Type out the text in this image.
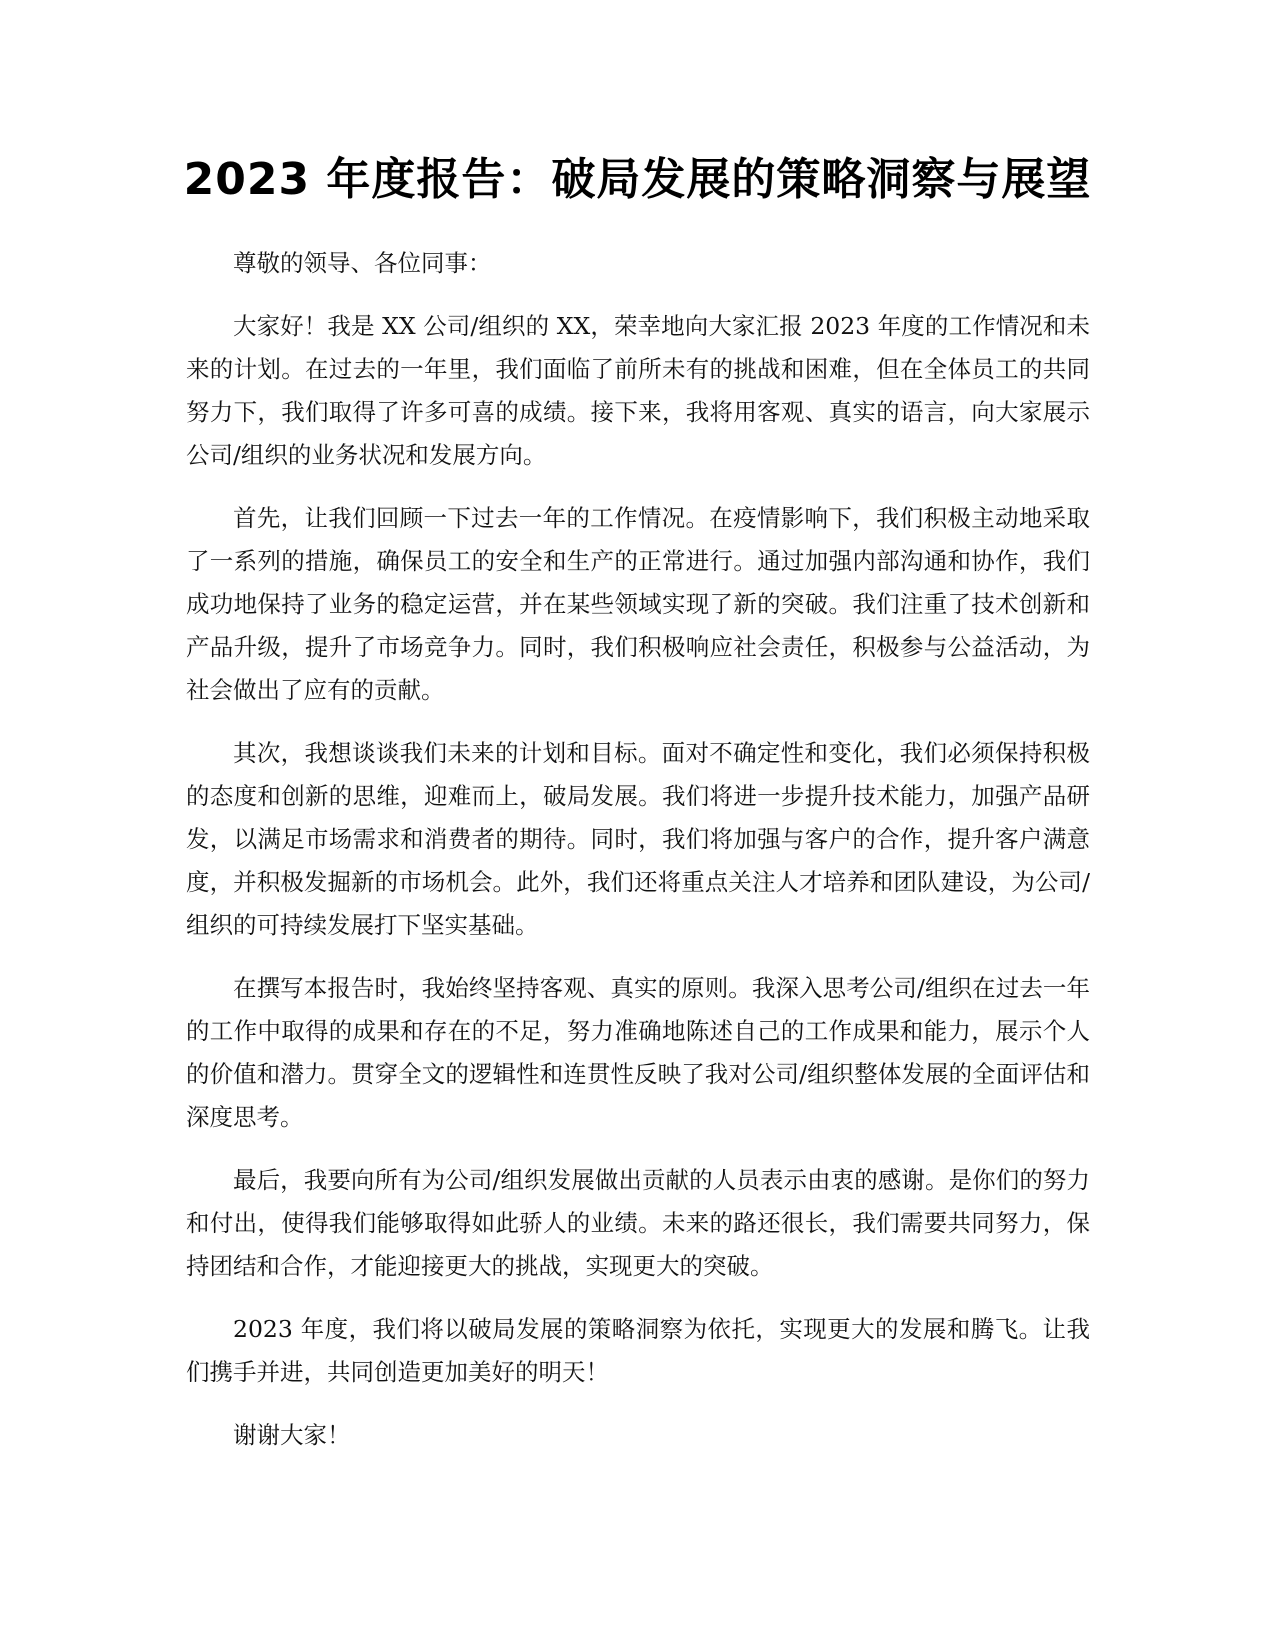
2023 年度报告：破局发展的策略洞察与展望

尊敬的领导、各位同事：

大家好！我是 XX 公司/组织的 XX，荣幸地向大家汇报 2023 年度的工作情况和未来的计划。在过去的一年里，我们面临了前所未有的挑战和困难，但在全体员工的共同努力下，我们取得了许多可喜的成绩。接下来，我将用客观、真实的语言，向大家展示公司/组织的业务状况和发展方向。

首先，让我们回顾一下过去一年的工作情况。在疫情影响下，我们积极主动地采取了一系列的措施，确保员工的安全和生产的正常进行。通过加强内部沟通和协作，我们成功地保持了业务的稳定运营，并在某些领域实现了新的突破。我们注重了技术创新和产品升级，提升了市场竞争力。同时，我们积极响应社会责任，积极参与公益活动，为社会做出了应有的贡献。

其次，我想谈谈我们未来的计划和目标。面对不确定性和变化，我们必须保持积极的态度和创新的思维，迎难而上，破局发展。我们将进一步提升技术能力，加强产品研发，以满足市场需求和消费者的期待。同时，我们将加强与客户的合作，提升客户满意度，并积极发掘新的市场机会。此外，我们还将重点关注人才培养和团队建设，为公司/组织的可持续发展打下坚实基础。

在撰写本报告时，我始终坚持客观、真实的原则。我深入思考公司/组织在过去一年的工作中取得的成果和存在的不足，努力准确地陈述自己的工作成果和能力，展示个人的价值和潜力。贯穿全文的逻辑性和连贯性反映了我对公司/组织整体发展的全面评估和深度思考。

最后，我要向所有为公司/组织发展做出贡献的人员表示由衷的感谢。是你们的努力和付出，使得我们能够取得如此骄人的业绩。未来的路还很长，我们需要共同努力，保持团结和合作，才能迎接更大的挑战，实现更大的突破。

2023 年度，我们将以破局发展的策略洞察为依托，实现更大的发展和腾飞。让我们携手并进，共同创造更加美好的明天！

谢谢大家！
